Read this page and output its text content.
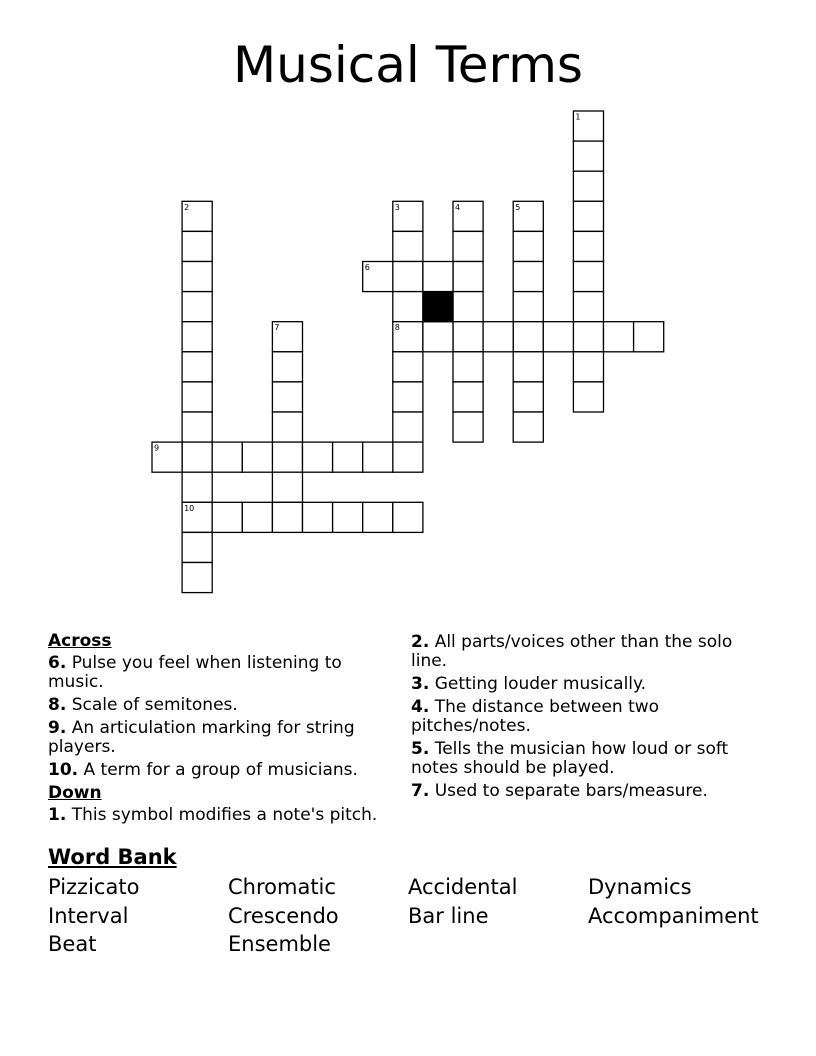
Musical Terms
1
2	3	4	5
6
7	8
9
10
Across
6. Pulse you feel when listening to music.
8. Scale of semitones.
9. An articulation marking for string players.
10. A term for a group of musicians.
Down
1. This symbol modifies a note's pitch.
2. All parts/voices other than the solo line.
3. Getting louder musically.
4. The distance between two pitches/notes.
5. Tells the musician how loud or soft notes should be played.
7. Used to separate bars/measure.
Word Bank
Pizzicato	Chromatic	Accidental	Dynamics
Interval	Crescendo	Bar line	Accompaniment
Beat	Ensemble
